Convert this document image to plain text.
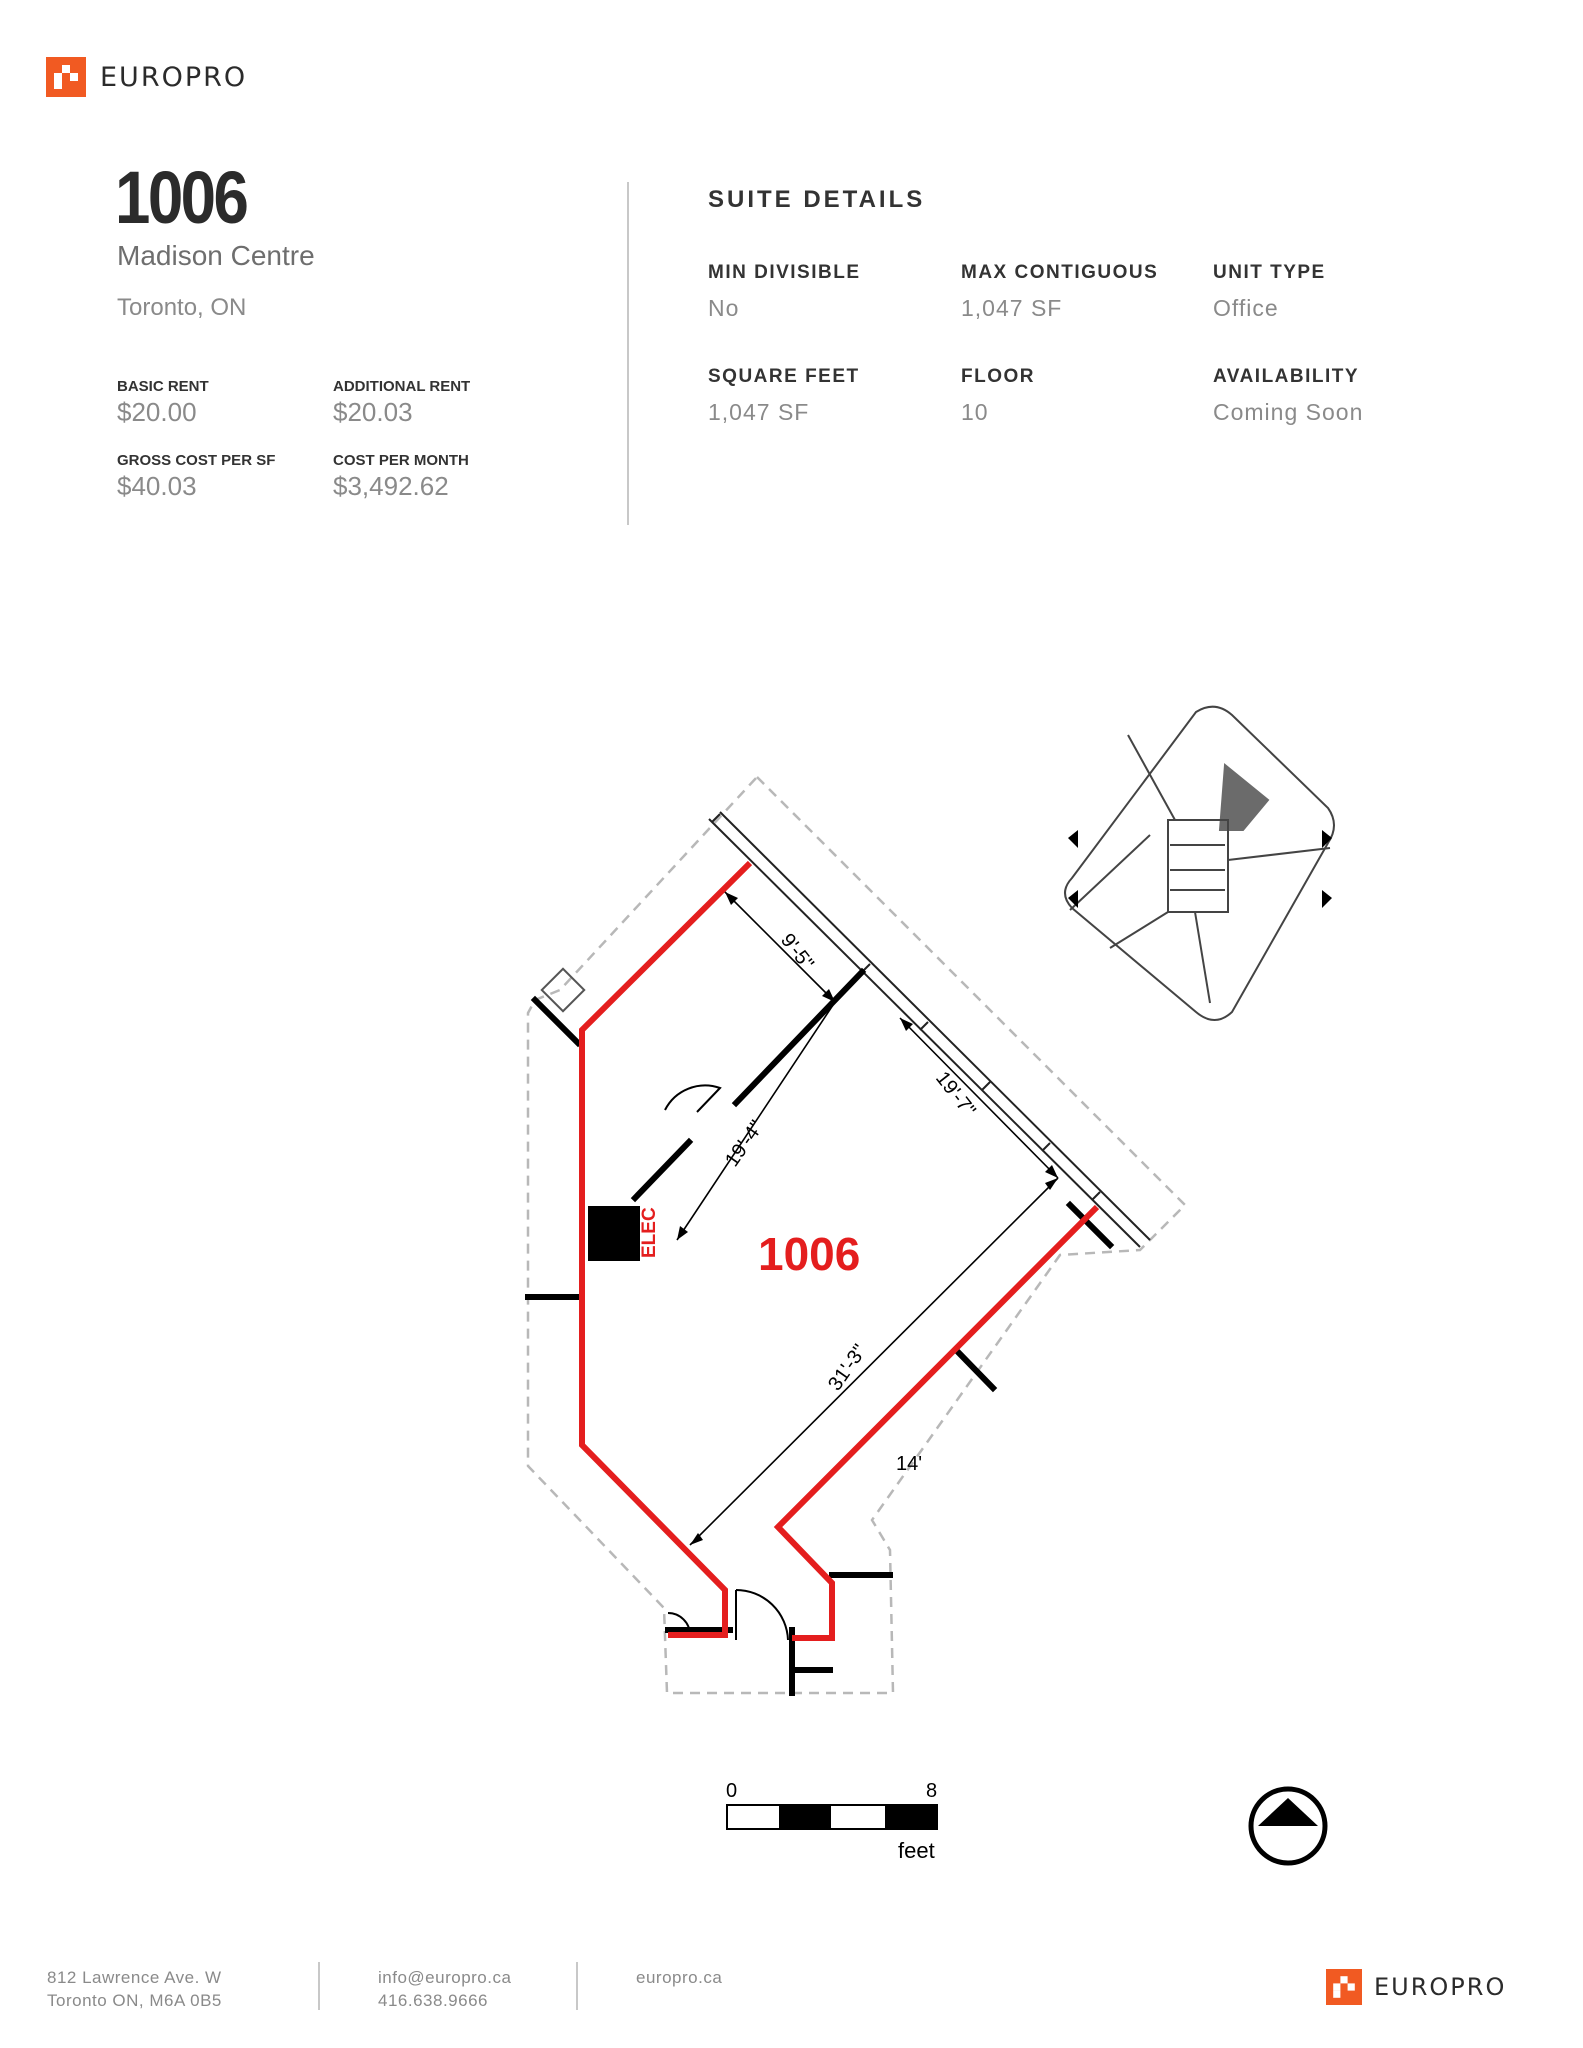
EUROPRO
1006
Madison Centre
Toronto, ON
BASIC RENT
$20.00
ADDITIONAL RENT
$20.03
GROSS COST PER SF
$40.03
COST PER MONTH
$3,492.62
SUITE DETAILS
MIN DIVISIBLE
No
MAX CONTIGUOUS
1,047 SF
UNIT TYPE
Office
SQUARE FEET
1,047 SF
FLOOR
10
AVAILABILITY
Coming Soon
9'-5"
19'-7"
19'-4"
31'-3"
14'
ELEC 1006
0	8
feet
812 Lawrence Ave. W
Toronto ON, M6A 0B5
info@europro.ca
416.638.9666
europro.ca	EUROPRO
